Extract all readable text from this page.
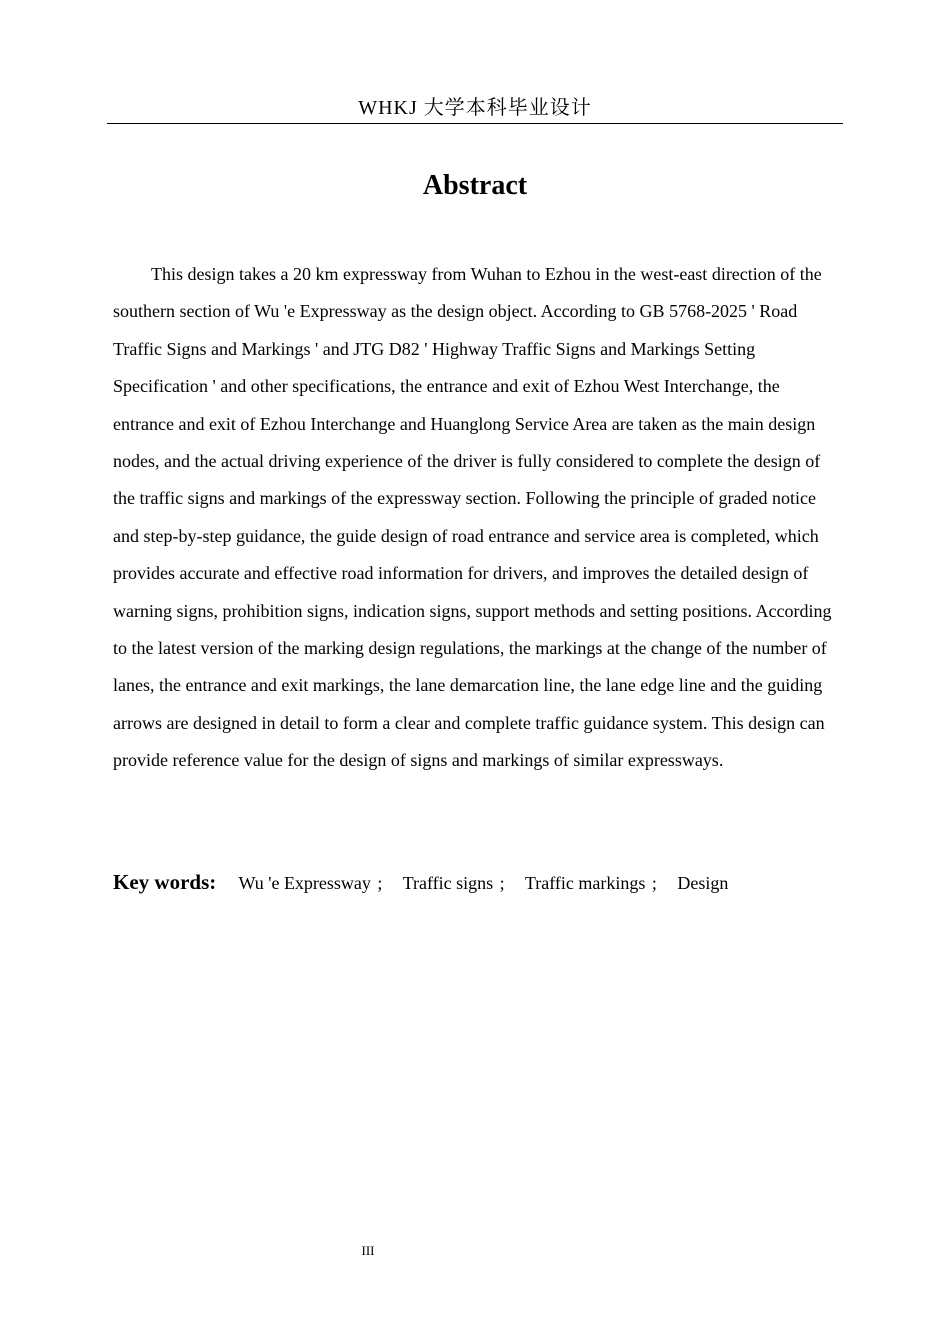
WHKJ 大学本科毕业设计
Abstract

This design takes a 20 km expressway from Wuhan to Ezhou in the west-east direction of the southern section of Wu 'e Expressway as the design object. According to GB 5768-2025 ' Road Traffic Signs and Markings ' and JTG D82 ' Highway Traffic Signs and Markings Setting Specification ' and other specifications, the entrance and exit of Ezhou West Interchange, the entrance and exit of Ezhou Interchange and Huanglong Service Area are taken as the main design nodes, and the actual driving experience of the driver is fully considered to complete the design of the traffic signs and markings of the expressway section. Following the principle of graded notice and step-by-step guidance, the guide design of road entrance and service area is completed, which provides accurate and effective road information for drivers, and improves the detailed design of warning signs, prohibition signs, indication signs, support methods and setting positions. According to the latest version of the marking design regulations, the markings at the change of the number of lanes, the entrance and exit markings, the lane demarcation line, the lane edge line and the guiding arrows are designed in detail to form a clear and complete traffic guidance system. This design can provide reference value for the design of signs and markings of similar expressways.

Key words: Wu 'e Expressway ; Traffic signs ; Traffic markings ; Design
III
